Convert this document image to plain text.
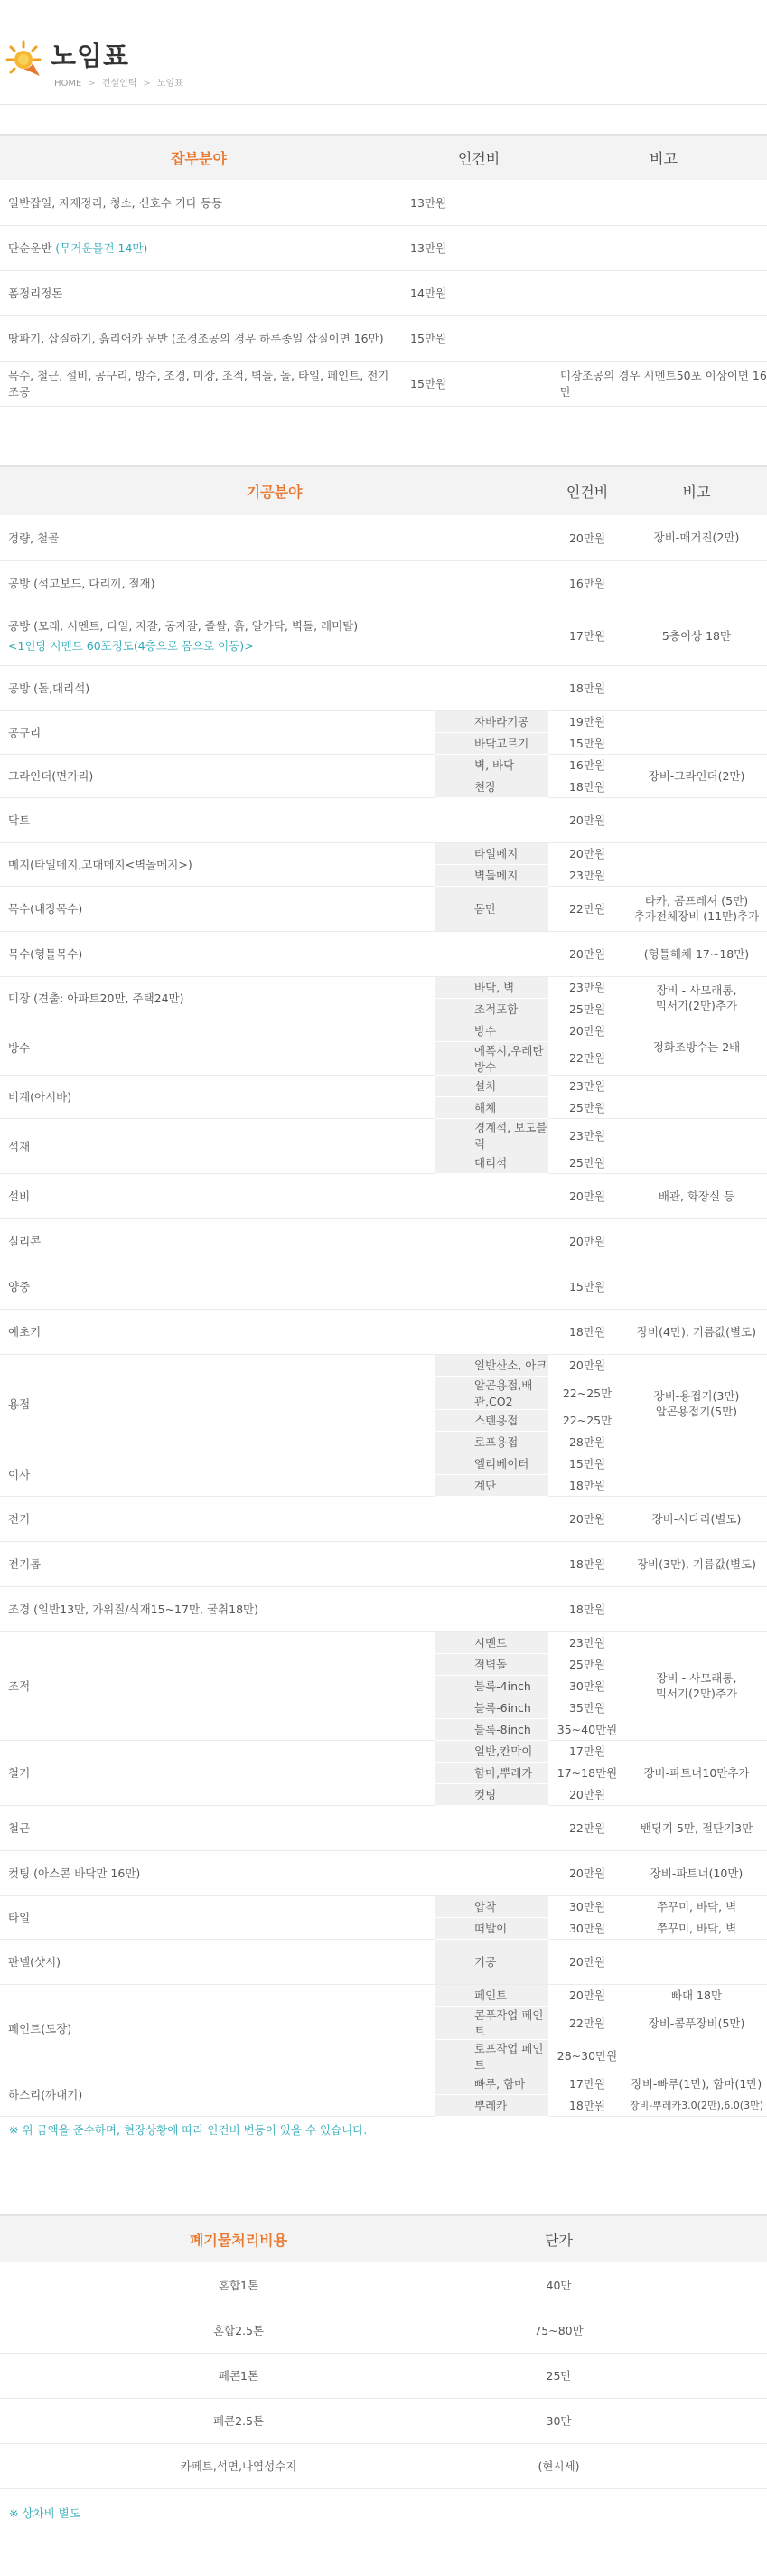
노임표
HOME > 건설인력 > 노임표
잡부분야	인건비	비고
일반잡일, 자재정리, 청소, 신호수 기타 등등	13만원	
단순운반 (무거운물건 14만)	13만원	
폼정리정돈	14만원	
땅파기, 삽질하기, 흙리어카 운반 (조경조공의 경우 하루종일 삽질이면 16만)	15만원	
목수, 철근, 설비, 공구리, 방수, 조경, 미장, 조적, 벽돌, 돌, 타일, 페인트, 전기조공	15만원	미장조공의 경우 시멘트50포 이상이면 16만
기공분야		인건비	비고

경량, 철골		20만원	장비-매거진(2만)

공방 (석고보드, 다리끼, 절재)		16만원	

공방 (모래, 시멘트, 타일, 자갈, 공자갈, 졸쌀, 흙, 알가닥, 벽돌, 레미탈)
<1인당 시멘트 60포정도(4층으로 몸으로 이동)>		17만원	5층이상 18만

공방 (돌,대리석)		18만원	

공구리	자바라기공	19만원	
	바닥고르기	15만원	

그라인더(면가리)	벽, 바닥	16만원	장비-그라인더(2만)
	천장	18만원	

닥트		20만원	

메지(타일메지,고대메지<벽돌메지>)	타일메지	20만원	
	벽돌메지	23만원	

목수(내장목수)	몸만	22만원	타카, 콤프레셔 (5만)
추가전체장비 (11만)추가

목수(형틀목수)		20만원	(형틀해체 17~18만)

미장 (견출: 아파트20만, 주택24만)	바닥, 벽	23만원	장비 - 사모래통,
믹서기(2만)추가
	조적포함	25만원	

방수	방수	20만원	정화조방수는 2배
	에폭시,우레탄방수	22만원	

비계(아시바)	설치	23만원	
	해체	25만원	

석재	경계석, 보도블럭	23만원	
	대리석	25만원	

설비		20만원	배관, 화장실 등

실리콘		20만원	

양중		15만원	

예초기		18만원	장비(4만), 기름값(별도)

용접	일반산소, 아크	20만원	장비-용접기(3만)
알곤용접기(5만)
	알곤용접,배관,CO2	22~25만	
	스텐용접	22~25만	
	로프용접	28만원	

이사	엘리베이터	15만원	
	계단	18만원	

전기		20만원	장비-사다리(별도)

전기톱		18만원	장비(3만), 기름값(별도)

조경 (일반13만, 가위질/식재15~17만, 굴취18만)		18만원	

조적	시멘트	23만원	장비 - 사모래통,
믹서기(2만)추가
	적벽돌	25만원	
	블록-4inch	30만원	
	블록-6inch	35만원	
	블록-8inch	35~40만원	

철거	일반,칸막이	17만원	장비-파트너10만추가
	함마,뿌레카	17~18만원	
	컷팅	20만원	

철근		22만원	밴딩기 5만, 절단기3만

컷팅 (아스콘 바닥만 16만)		20만원	장비-파트너(10만)

타일	압착	30만원	쭈꾸미, 바닥, 벽
	떠발이	30만원	쭈꾸미, 바닥, 벽

판넬(샷시)	기공	20만원	

페인트(도장)	페인트	20만원	빠대 18만
	콘푸작업 페인트	22만원	장비-콤푸장비(5만)
	로프작업 페인트	28~30만원	

하스리(까대기)	빠루, 함마	17만원	장비-빠루(1만), 함마(1만)
	뿌레카	18만원	장비-뿌레카3.0(2만),6.0(3만)
※ 위 금액을 준수하며, 현장상황에 따라 인건비 변동이 있을 수 있습니다.
폐기물처리비용	단가	
혼합1톤	40만	
혼합2.5톤	75~80만	
폐콘1톤	25만	
폐콘2.5톤	30만	
카페트,석면,나염성수지	(현시세)	
※ 상차비 별도
